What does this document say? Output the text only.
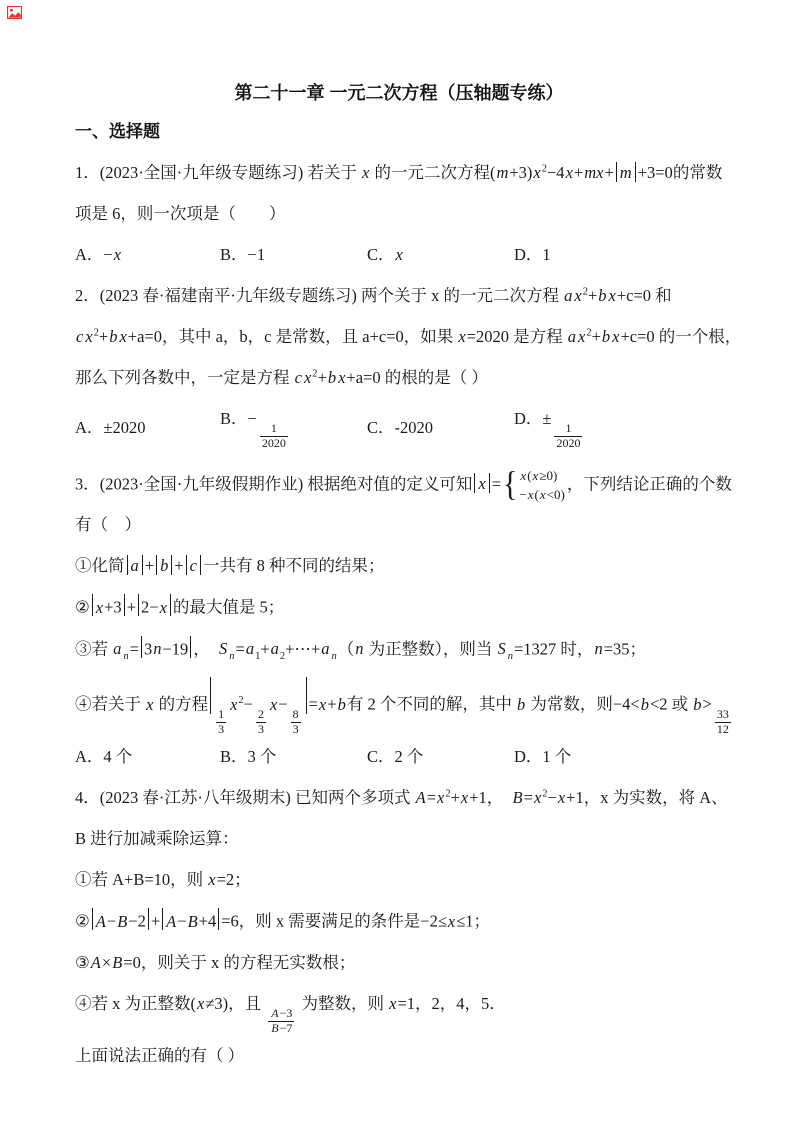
第二十一章 一元二次方程（压轴题专练）
一、选择题
1．(2023·全国·九年级专题练习) 若关于 x 的一元二次方程$(m+3)x^2-4x+mx+ m +3=0$的常数
项是 6，则一次项是（　　）
A．−x	B．−1	C．x	D．1
2．(2023 春·福建南平·九年级专题练习) 两个关于 x 的一元二次方程 a $x^2+b$ x+c=0 和
c $x^2+b$ x+a=0，其中 a，b，c 是常数，且 a+c=0，如果 x=2020 是方程 a $x^2+b$ x+c=0 的一个根，
那么下列各数中，一定是方程 c $x^2+b$ x+a=0 的根的是（ ）
A．±2020	B．−
$\frac{1}{2020}$	C．-2020	D．±
$\frac{1}{2020}$
3．(2023·全国·九年级假期作业) 根据绝对值的定义可知 x = { x(x≥0)
−x(x<0)
，下列结论正确的个数
有（　）
①化简 a + b + c 一共有 8 种不同的结果；
② x+3 + 2−x 的最大值是 5；
③若 a $_n$= 3n−19 ，　S $_n=a_1+a_2+\cdots+a$ $_n$（n 为正整数），则当 S $_n$=1327 时，n=35；
④若关于 x 的方程
$\frac{1}{3}$
$x^2-$
$\frac{2}{3}$
x−
$\frac{8}{3}$
=x+b有 2 个不同的解，其中 b 为常数，则−4<b<2 或 b>
$\frac{33}{12}$
A．4 个	B．3 个	C．2 个	D．1 个
4．(2023 春·江苏·八年级期末) 已知两个多项式 $A=x^2+x+1$，　$B=x^2-x+1$，x 为实数，将 A、
B 进行加减乘除运算：
①若 A+B=10，则 x=2；
② A−B−2 + A−B+4 =6，则 x 需要满足的条件是−2≤x≤1；
③A×B=0，则关于 x 的方程无实数根；
④若 x 为正整数(x≠3)，且
$\frac{A-3}{B-7}$
为整数，则 x=1，2，4，5．
上面说法正确的有（ ）
